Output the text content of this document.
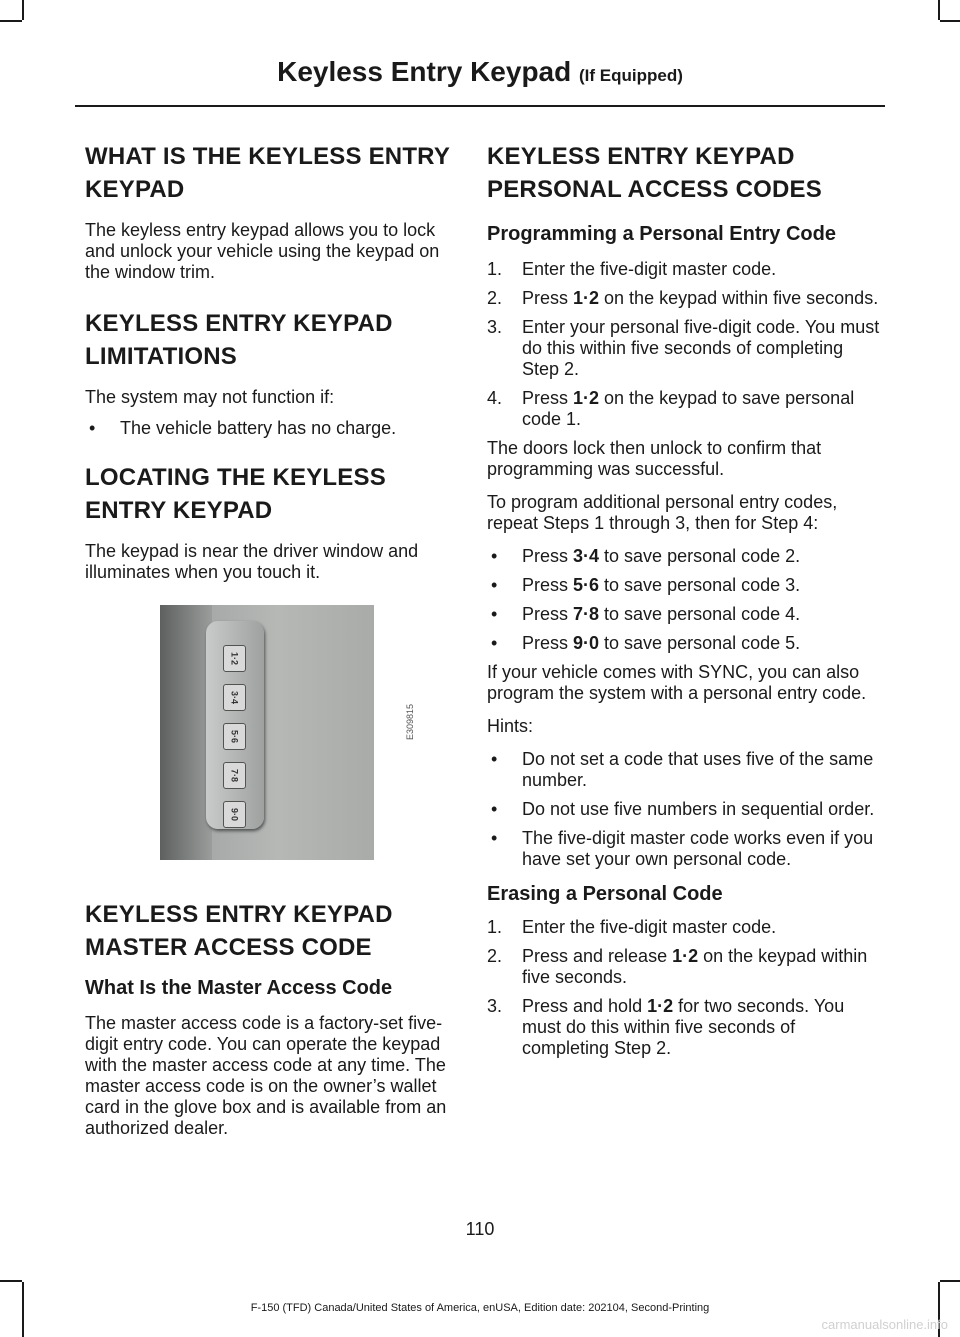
Keyless Entry Keypad (If Equipped)
WHAT IS THE KEYLESS ENTRY KEYPAD

The keyless entry keypad allows you to lock and unlock your vehicle using the keypad on the window trim.

KEYLESS ENTRY KEYPAD LIMITATIONS

The system may not function if:

• The vehicle battery has no charge.
LOCATING THE KEYLESS ENTRY KEYPAD

The keypad is near the driver window and illuminates when you touch it.

1·2
3·4
5·6
7·8
9·0
E309815
KEYLESS ENTRY KEYPAD MASTER ACCESS CODE
What Is the Master Access Code

The master access code is a factory-set five-digit entry code. You can operate the keypad with the master access code at any time. The master access code is on the owner’s wallet card in the glove box and is available from an authorized dealer.

KEYLESS ENTRY KEYPAD PERSONAL ACCESS CODES
Programming a Personal Entry Code
1. Enter the five-digit master code.
2. Press 1·2 on the keypad within five seconds.
3. Enter your personal five-digit code. You must do this within five seconds of completing Step 2.
4. Press 1·2 on the keypad to save personal code 1.

The doors lock then unlock to confirm that programming was successful.

To program additional personal entry codes, repeat Steps 1 through 3, then for Step 4:

• Press 3·4 to save personal code 2.
• Press 5·6 to save personal code 3.
• Press 7·8 to save personal code 4.
• Press 9·0 to save personal code 5.

If your vehicle comes with SYNC, you can also program the system with a personal entry code.

Hints:

• Do not set a code that uses five of the same number.
• Do not use five numbers in sequential order.
• The five-digit master code works even if you have set your own personal code.
Erasing a Personal Code
1. Enter the five-digit master code.
2. Press and release 1·2 on the keypad within five seconds.
3. Press and hold 1·2 for two seconds. You must do this within five seconds of completing Step 2.
110
F-150 (TFD) Canada/United States of America, enUSA, Edition date: 202104, Second-Printing
carmanualsonline.info
